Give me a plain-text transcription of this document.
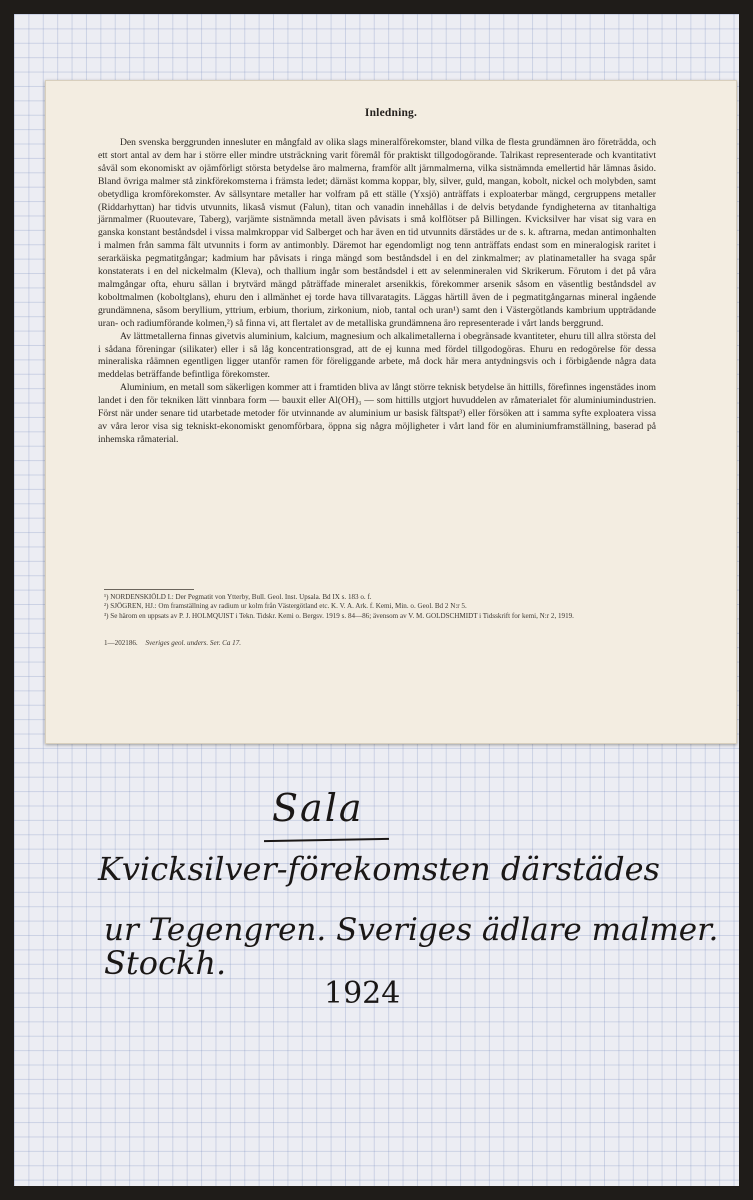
Inledning.

Den svenska berggrunden innesluter en mångfald av olika slags mineralförekomster, bland vilka de flesta grundämnen äro företrädda, och ett stort antal av dem har i större eller mindre utsträckning varit föremål för praktiskt tillgodogörande. Talrikast representerade och kvantitativt såväl som ekonomiskt av ojämförligt största betydelse äro malmerna, framför allt järnmalmerna, vilka sistnämnda emellertid här lämnas åsido. Bland övriga malmer stå zinkförekomsterna i främsta ledet; därnäst komma koppar, bly, silver, guld, mangan, kobolt, nickel och molybden, samt obetydliga kromförekomster. Av sällsyntare metaller har volfram på ett ställe (Yxsjö) anträffats i exploaterbar mängd, cergruppens metaller (Riddarhyttan) har tidvis utvunnits, likaså vismut (Falun), titan och vanadin innehållas i de delvis betydande fyndigheterna av titanhaltiga järnmalmer (Ruoutevare, Taberg), varjämte sistnämnda metall även påvisats i små kolflötser på Billingen. Kvicksilver har visat sig vara en ganska konstant beståndsdel i vissa malmkroppar vid Salberget och har även en tid utvunnits därstädes ur de s. k. aftrarna, medan antimonhalten i malmen från samma fält utvunnits i form av antimonbly. Däremot har egendomligt nog tenn anträffats endast som en mineralogisk raritet i serarkäiska pegmatitgångar; kadmium har påvisats i ringa mängd som beståndsdel i en del zinkmalmer; av platinametaller ha svaga spår konstaterats i en del nickelmalm (Kleva), och thallium ingår som beståndsdel i ett av selenmineralen vid Skrikerum. Förutom i det på våra malmgångar ofta, ehuru sällan i brytvärd mängd påträffade mineralet arsenikkis, förekommer arsenik såsom en väsentlig beståndsdel av koboltmalmen (koboltglans), ehuru den i allmänhet ej torde hava tillvaratagits. Läggas härtill även de i pegmatitgångarnas mineral ingående grundämnena, såsom beryllium, yttrium, erbium, thorium, zirkonium, niob, tantal och uran¹) samt den i Västergötlands kambrium uppträdande uran- och radiumförande kolmen,²) så finna vi, att flertalet av de metalliska grundämnena äro representerade i vårt lands berggrund.

Av lättmetallerna finnas givetvis aluminium, kalcium, magnesium och alkalimetallerna i obegränsade kvantiteter, ehuru till allra största del i sådana föreningar (silikater) eller i så låg koncentrationsgrad, att de ej kunna med fördel tillgodogöras. Ehuru en redogörelse för dessa mineraliska råämnen egentligen ligger utanför ramen för föreliggande arbete, må dock här mera antydningsvis och i förbigående några data meddelas beträffande befintliga förekomster.

Aluminium, en metall som säkerligen kommer att i framtiden bliva av långt större teknisk betydelse än hittills, förefinnes ingenstädes inom landet i den för tekniken lätt vinnbara form — bauxit eller Al(OH)₃ — som hittills utgjort huvuddelen av råmaterialet för aluminiumindustrien. Först när under senare tid utarbetade metoder för utvinnande av aluminium ur basisk fältspat³) eller försöken att i samma syfte exploatera vissa av våra leror visa sig tekniskt-ekonomiskt genomförbara, öppna sig några möjligheter i vårt land för en aluminiumframställning, baserad på inhemska råmaterial.

¹) NORDENSKIÖLD I.: Der Pegmatit von Ytterby, Bull. Geol. Inst. Upsala. Bd IX s. 183 o. f.
²) SJÖGREN, HJ.: Om framställning av radium ur kolm från Västergötland etc. K. V. A. Ark. f. Kemi, Min. o. Geol. Bd 2 N:r 5.
³) Se härom en uppsats av P. J. HOLMQUIST i Tekn. Tidskr. Kemi o. Bergsv. 1919 s. 84—86; ävensom av V. M. GOLDSCHMIDT i Tidsskrift for kemi, N:r 2, 1919.
1—202186. Sveriges geol. unders. Ser. Ca 17.
Sala
Kvicksilver-förekomsten därstädes
ur Tegengren. Sveriges ädlare malmer.
Stockh.
1924
